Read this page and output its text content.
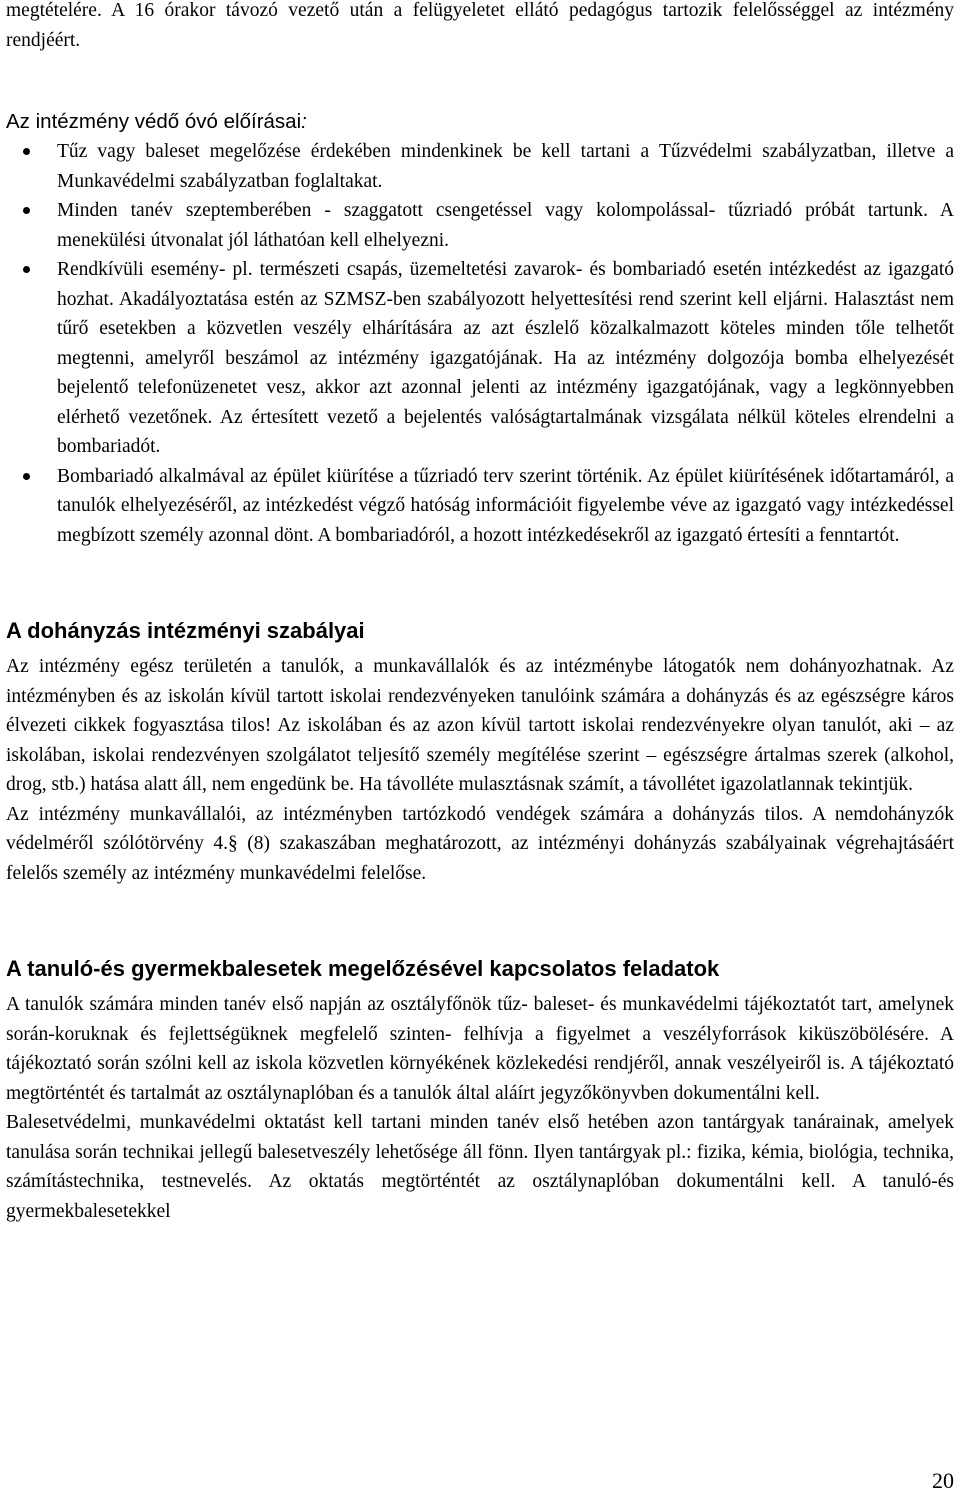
megtételére. A 16 órakor távozó vezető után a felügyeletet ellátó pedagógus tartozik felelősséggel az intézmény rendjéért.

Az intézmény védő óvó előírásai:
Tűz vagy baleset megelőzése érdekében mindenkinek be kell tartani a Tűzvédelmi szabályzatban, illetve a Munkavédelmi szabályzatban foglaltakat.
Minden tanév szeptemberében - szaggatott csengetéssel vagy kolompolással- tűzriadó próbát tartunk. A menekülési útvonalat jól láthatóan kell elhelyezni.
Rendkívüli esemény- pl. természeti csapás, üzemeltetési zavarok- és bombariadó esetén intézkedést az igazgató hozhat. Akadályoztatása estén az SZMSZ-ben szabályozott helyettesítési rend szerint kell eljárni. Halasztást nem tűrő esetekben a közvetlen veszély elhárítására az azt észlelő közalkalmazott köteles minden tőle telhetőt megtenni, amelyről beszámol az intézmény igazgatójának. Ha az intézmény dolgozója bomba elhelyezését bejelentő telefonüzenetet vesz, akkor azt azonnal jelenti az intézmény igazgatójának, vagy a legkönnyebben elérhető vezetőnek. Az értesített vezető a bejelentés valóságtartalmának vizsgálata nélkül köteles elrendelni a bombariadót.
Bombariadó alkalmával az épület kiürítése a tűzriadó terv szerint történik. Az épület kiürítésének időtartamáról, a tanulók elhelyezéséről, az intézkedést végző hatóság információit figyelembe véve az igazgató vagy intézkedéssel megbízott személy azonnal dönt. A bombariadóról, a hozott intézkedésekről az igazgató értesíti a fenntartót.
A dohányzás intézményi szabályai

Az intézmény egész területén a tanulók, a munkavállalók és az intézménybe látogatók nem dohányozhatnak. Az intézményben és az iskolán kívül tartott iskolai rendezvényeken tanulóink számára a dohányzás és az egészségre káros élvezeti cikkek fogyasztása tilos! Az iskolában és az azon kívül tartott iskolai rendezvényekre olyan tanulót, aki – az iskolában, iskolai rendezvényen szolgálatot teljesítő személy megítélése szerint – egészségre ártalmas szerek (alkohol, drog, stb.) hatása alatt áll, nem engedünk be. Ha távolléte mulasztásnak számít, a távollétet igazolatlannak tekintjük.

Az intézmény munkavállalói, az intézményben tartózkodó vendégek számára a dohányzás tilos. A nemdohányzók védelméről szólótörvény 4.§ (8) szakaszában meghatározott, az intézményi dohányzás szabályainak végrehajtásáért felelős személy az intézmény munkavédelmi felelőse.

A tanuló-és gyermekbalesetek megelőzésével kapcsolatos feladatok

A tanulók számára minden tanév első napján az osztályfőnök tűz- baleset- és munkavédelmi tájékoztatót tart, amelynek során-koruknak és fejlettségüknek megfelelő szinten- felhívja a figyelmet a veszélyforrások kiküszöbölésére. A tájékoztató során szólni kell az iskola közvetlen környékének közlekedési rendjéről, annak veszélyeiről is. A tájékoztató megtörténtét és tartalmát az osztálynaplóban és a tanulók által aláírt jegyzőkönyvben dokumentálni kell.

Balesetvédelmi, munkavédelmi oktatást kell tartani minden tanév első hetében azon tantárgyak tanárainak, amelyek tanulása során technikai jellegű balesetveszély lehetősége áll fönn. Ilyen tantárgyak pl.: fizika, kémia, biológia, technika, számítástechnika, testnevelés. Az oktatás megtörténtét az osztálynaplóban dokumentálni kell. A tanuló-és gyermekbalesetekkel

20
